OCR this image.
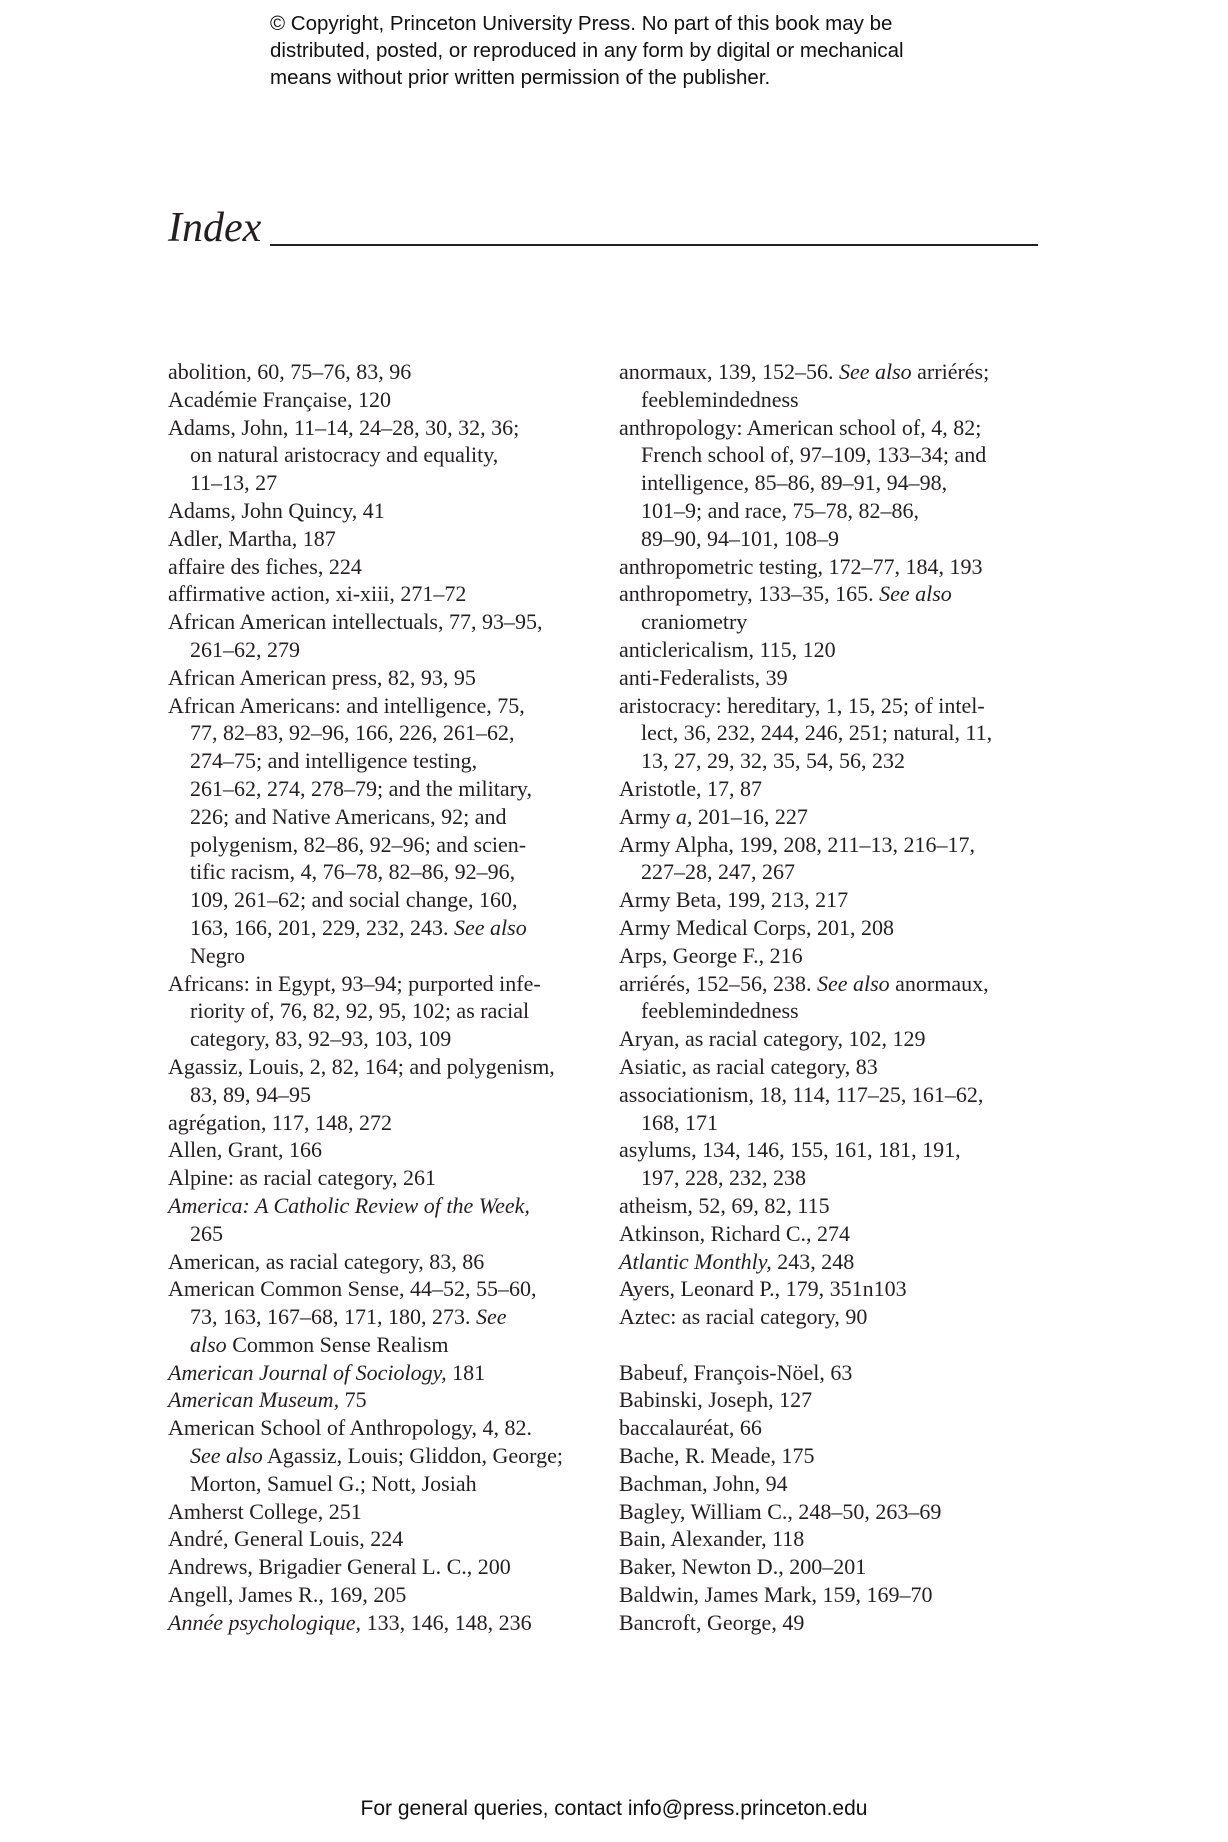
© Copyright, Princeton University Press. No part of this book may be
distributed, posted, or reproduced in any form by digital or mechanical
means without prior written permission of the publisher.
Index
abolition, 60, 75–76, 83, 96
Académie Française, 120
Adams, John, 11–14, 24–28, 30, 32, 36;
on natural aristocracy and equality,
11–13, 27
Adams, John Quincy, 41
Adler, Martha, 187
affaire des fiches, 224
affirmative action, xi-xiii, 271–72
African American intellectuals, 77, 93–95,
261–62, 279
African American press, 82, 93, 95
African Americans: and intelligence, 75,
77, 82–83, 92–96, 166, 226, 261–62,
274–75; and intelligence testing,
261–62, 274, 278–79; and the military,
226; and Native Americans, 92; and
polygenism, 82–86, 92–96; and scien-
tific racism, 4, 76–78, 82–86, 92–96,
109, 261–62; and social change, 160,
163, 166, 201, 229, 232, 243. See also
Negro
Africans: in Egypt, 93–94; purported infe-
riority of, 76, 82, 92, 95, 102; as racial
category, 83, 92–93, 103, 109
Agassiz, Louis, 2, 82, 164; and polygenism,
83, 89, 94–95
agrégation, 117, 148, 272
Allen, Grant, 166
Alpine: as racial category, 261
America: A Catholic Review of the Week,
265
American, as racial category, 83, 86
American Common Sense, 44–52, 55–60,
73, 163, 167–68, 171, 180, 273. See
also Common Sense Realism
American Journal of Sociology, 181
American Museum, 75
American School of Anthropology, 4, 82.
See also Agassiz, Louis; Gliddon, George;
Morton, Samuel G.; Nott, Josiah
Amherst College, 251
André, General Louis, 224
Andrews, Brigadier General L. C., 200
Angell, James R., 169, 205
Année psychologique, 133, 146, 148, 236
anormaux, 139, 152–56. See also arriérés;
feeblemindedness
anthropology: American school of, 4, 82;
French school of, 97–109, 133–34; and
intelligence, 85–86, 89–91, 94–98,
101–9; and race, 75–78, 82–86,
89–90, 94–101, 108–9
anthropometric testing, 172–77, 184, 193
anthropometry, 133–35, 165. See also
craniometry
anticlericalism, 115, 120
anti-Federalists, 39
aristocracy: hereditary, 1, 15, 25; of intel-
lect, 36, 232, 244, 246, 251; natural, 11,
13, 27, 29, 32, 35, 54, 56, 232
Aristotle, 17, 87
Army a, 201–16, 227
Army Alpha, 199, 208, 211–13, 216–17,
227–28, 247, 267
Army Beta, 199, 213, 217
Army Medical Corps, 201, 208
Arps, George F., 216
arriérés, 152–56, 238. See also anormaux,
feeblemindedness
Aryan, as racial category, 102, 129
Asiatic, as racial category, 83
associationism, 18, 114, 117–25, 161–62,
168, 171
asylums, 134, 146, 155, 161, 181, 191,
197, 228, 232, 238
atheism, 52, 69, 82, 115
Atkinson, Richard C., 274
Atlantic Monthly, 243, 248
Ayers, Leonard P., 179, 351n103
Aztec: as racial category, 90
Babeuf, François-Nöel, 63
Babinski, Joseph, 127
baccalauréat, 66
Bache, R. Meade, 175
Bachman, John, 94
Bagley, William C., 248–50, 263–69
Bain, Alexander, 118
Baker, Newton D., 200–201
Baldwin, James Mark, 159, 169–70
Bancroft, George, 49
For general queries, contact info@press.princeton.edu
